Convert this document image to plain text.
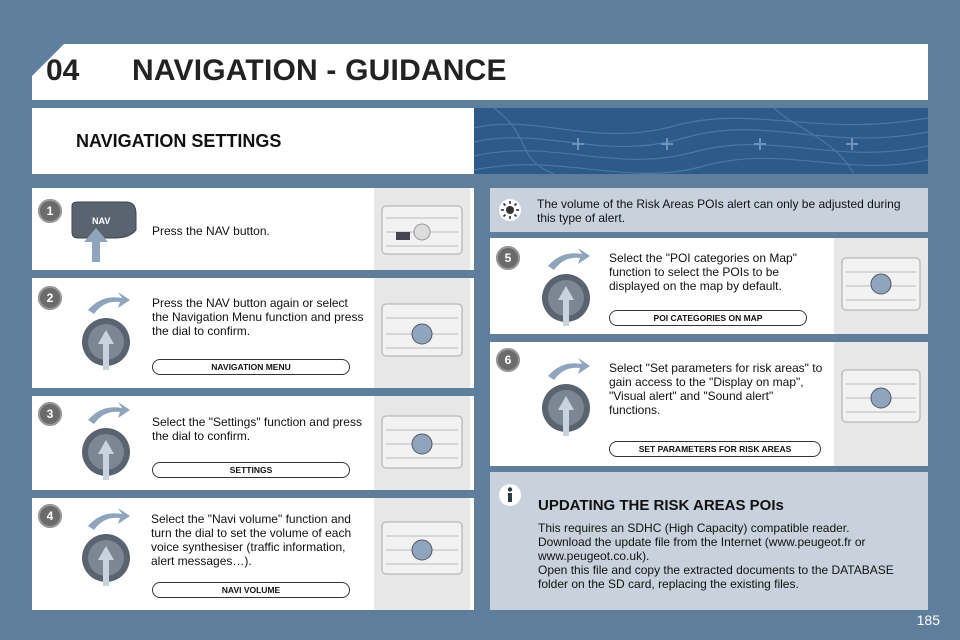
04 NAVIGATION - GUIDANCE
NAVIGATION SETTINGS
1
NAV
Press the NAV button.
2	Press the NAV button again or select the Navigation Menu function and press the dial to confirm.
NAVIGATION MENU
3
Select the "Settings" function and press the dial to confirm.
SETTINGS
4	Select the "Navi volume" function and turn the dial to set the volume of each voice synthesiser (traffic information, alert messages…).
NAVI VOLUME
The volume of the Risk Areas POIs alert can only be adjusted during this type of alert.
5	Select the "POI categories on Map" function to select the POIs to be displayed on the map by default.
POI CATEGORIES ON MAP
6
Select "Set parameters for risk areas" to gain access to the "Display on map", "Visual alert" and "Sound alert" functions.
SET PARAMETERS FOR RISK AREAS
UPDATING THE RISK AREAS POIs
This requires an SDHC (High Capacity) compatible reader.
Download the update file from the Internet (www.peugeot.fr or www.peugeot.co.uk).
Open this file and copy the extracted documents to the DATABASE folder on the SD card, replacing the existing files.
185
